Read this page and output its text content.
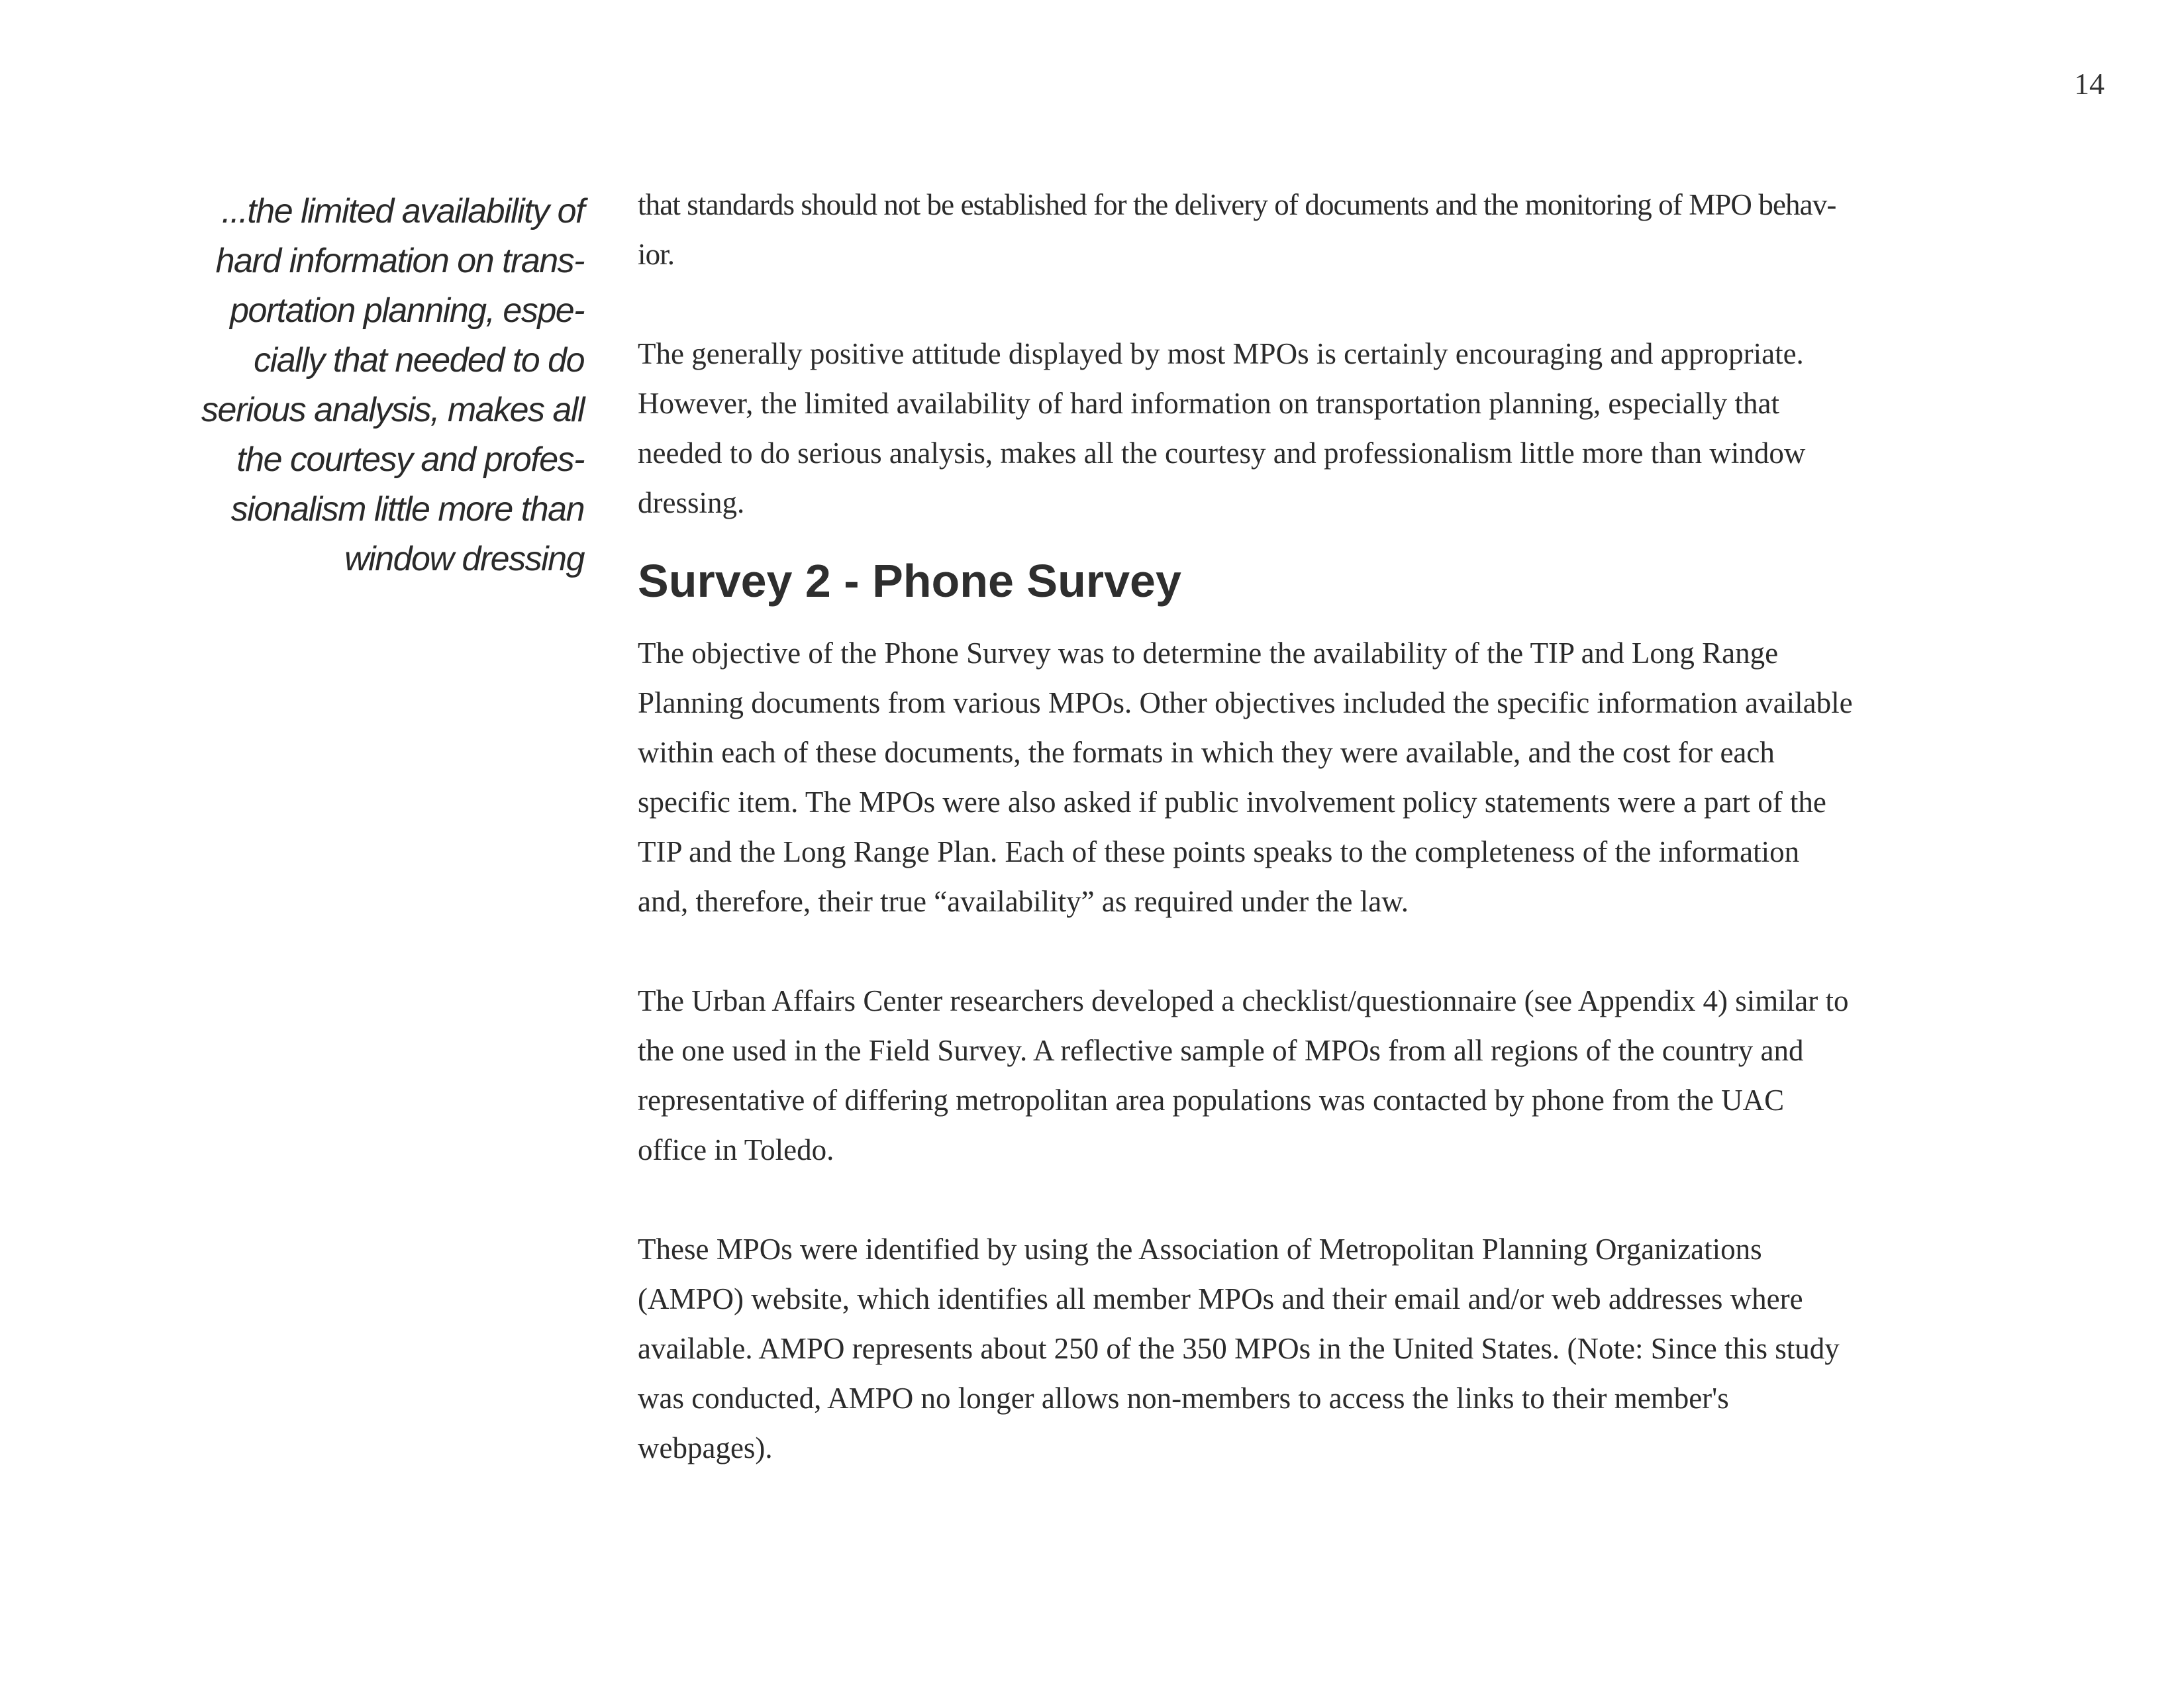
14
...the limited availability of
hard information on trans-
portation planning, espe-
cially that needed to do
serious analysis, makes all
the courtesy and profes-
sionalism little more than
window dressing

that standards should not be established for the delivery of documents and the monitoring of MPO behav-
ior.

The generally positive attitude displayed by most MPOs is certainly encouraging and appropriate.
However, the limited availability of hard information on transportation planning, especially that
needed to do serious analysis, makes all the courtesy and professionalism little more than window
dressing.

Survey 2 - Phone Survey

The objective of the Phone Survey was to determine the availability of the TIP and Long Range
Planning documents from various MPOs. Other objectives included the specific information available
within each of these documents, the formats in which they were available, and the cost for each
specific item. The MPOs were also asked if public involvement policy statements were a part of the
TIP and the Long Range Plan. Each of these points speaks to the completeness of the information
and, therefore, their true “availability” as required under the law.

The Urban Affairs Center researchers developed a checklist/questionnaire (see Appendix 4) similar to
the one used in the Field Survey. A reflective sample of MPOs from all regions of the country and
representative of differing metropolitan area populations was contacted by phone from the UAC
office in Toledo.

These MPOs were identified by using the Association of Metropolitan Planning Organizations
(AMPO) website, which identifies all member MPOs and their email and/or web addresses where
available. AMPO represents about 250 of the 350 MPOs in the United States. (Note: Since this study
was conducted, AMPO no longer allows non-members to access the links to their member's
webpages).
